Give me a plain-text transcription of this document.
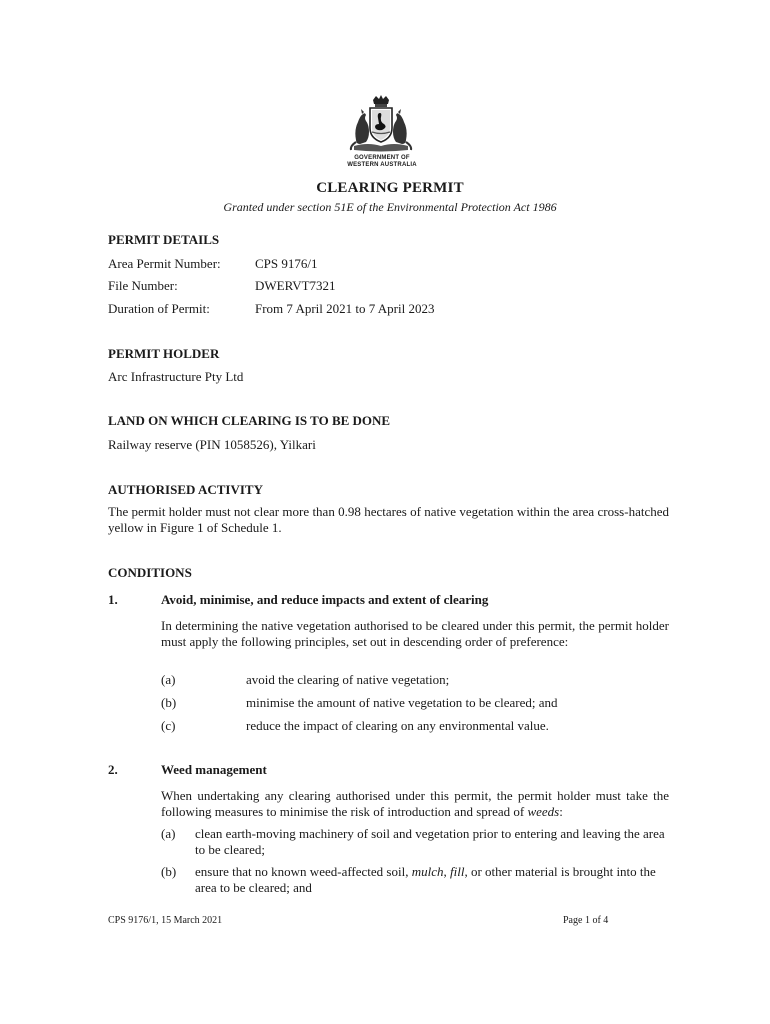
GOVERNMENT OF
WESTERN AUSTRALIA
CLEARING PERMIT
Granted under section 51E of the Environmental Protection Act 1986
PERMIT DETAILS
Area Permit Number:	CPS 9176/1
File Number:	DWERVT7321
Duration of Permit:	From 7 April 2021 to 7 April 2023
PERMIT HOLDER
Arc Infrastructure Pty Ltd
LAND ON WHICH CLEARING IS TO BE DONE
Railway reserve (PIN 1058526), Yilkari
AUTHORISED ACTIVITY
The permit holder must not clear more than 0.98 hectares of native vegetation within the area cross-hatched yellow in Figure 1 of Schedule 1.
CONDITIONS
1.	Avoid, minimise, and reduce impacts and extent of clearing
In determining the native vegetation authorised to be cleared under this permit, the permit holder must apply the following principles, set out in descending order of preference:
(a)	avoid the clearing of native vegetation;
(b)	minimise the amount of native vegetation to be cleared; and
(c)	reduce the impact of clearing on any environmental value.
2.	Weed management
When undertaking any clearing authorised under this permit, the permit holder must take the following measures to minimise the risk of introduction and spread of weeds:
(a) clean earth-moving machinery of soil and vegetation prior to entering and leaving the area to be cleared;
(b) ensure that no known weed-affected soil, mulch, fill, or other material is brought into the area to be cleared; and
CPS 9176/1, 15 March 2021	Page 1 of 4
